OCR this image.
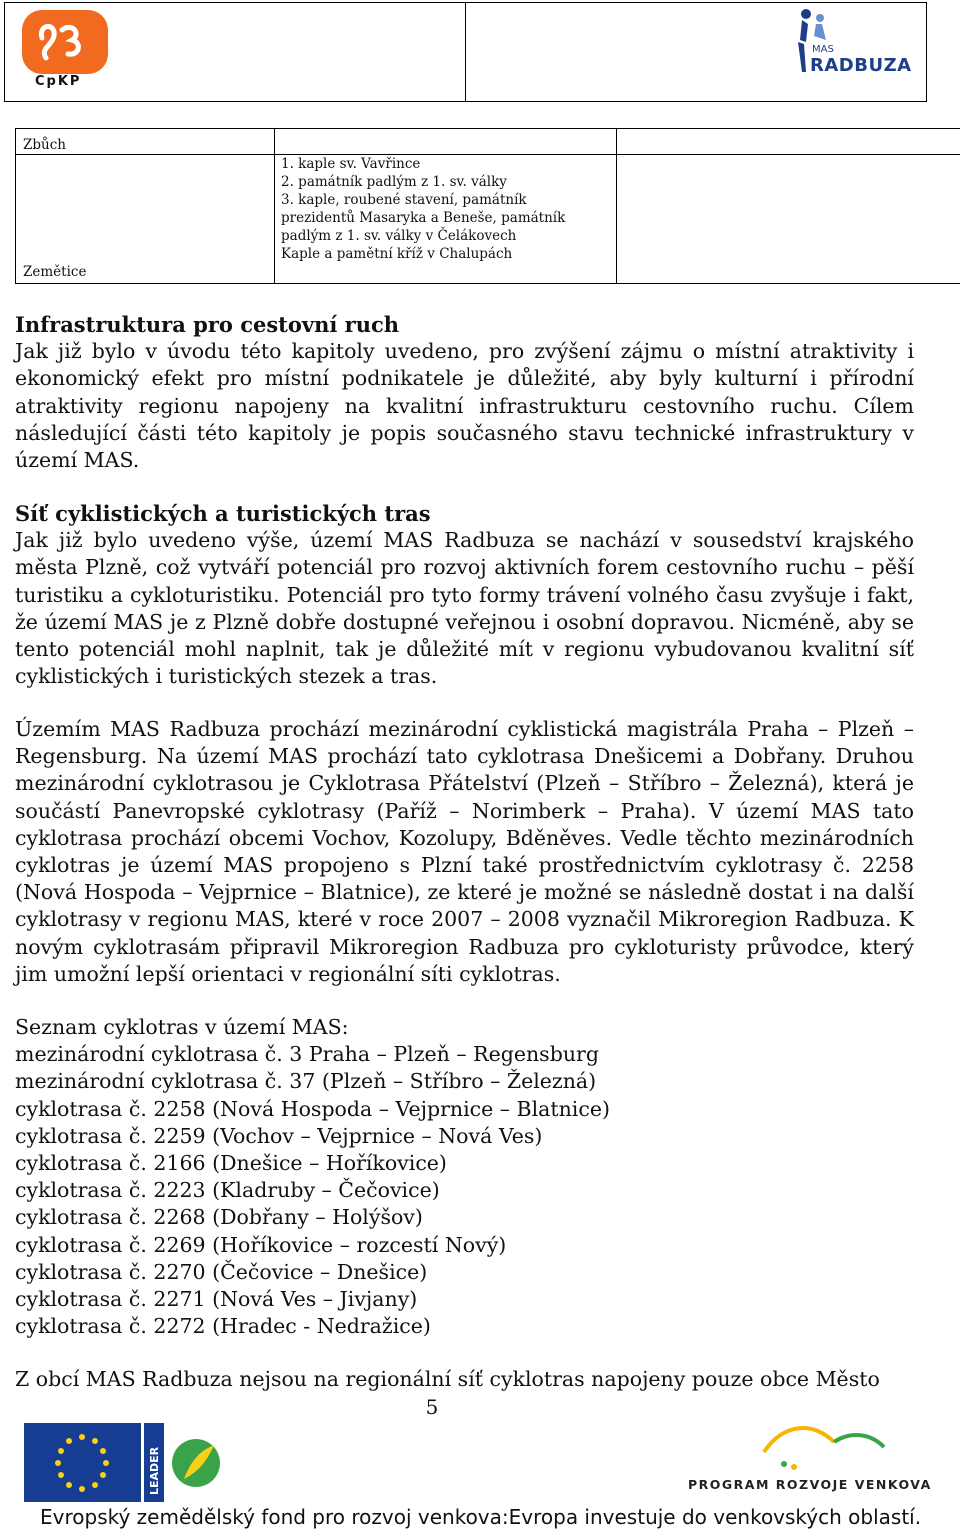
CpKP
MAS
RADBUZA
Zbůch
Zemětice
1. kaple sv. Vavřince
2. památník padlým z 1. sv. války
3. kaple, roubené stavení, památník
prezidentů Masaryka a Beneše, památník
padlým z 1. sv. války v Čelákovech
Kaple a pamětní kříž v Chalupách
Infrastruktura pro cestovní ruch

Jak již bylo v úvodu této kapitoly uvedeno, pro zvýšení zájmu o místní atraktivity i ekonomický efekt pro místní podnikatele je důležité, aby byly kulturní i přírodní atraktivity regionu napojeny na kvalitní infrastrukturu cestovního ruchu. Cílem následující části této kapitoly je popis současného stavu technické infrastruktury v území MAS.

Síť cyklistických a turistických tras

Jak již bylo uvedeno výše, území MAS Radbuza se nachází v sousedství krajského města Plzně, což vytváří potenciál pro rozvoj aktivních forem cestovního ruchu – pěší turistiku a cykloturistiku. Potenciál pro tyto formy trávení volného času zvyšuje i fakt, že území MAS je z Plzně dobře dostupné veřejnou i osobní dopravou. Nicméně, aby se tento potenciál mohl naplnit, tak je důležité mít v regionu vybudovanou kvalitní síť cyklistických i turistických stezek a tras.

Územím MAS Radbuza prochází mezinárodní cyklistická magistrála Praha – Plzeň – Regensburg. Na území MAS prochází tato cyklotrasa Dnešicemi a Dobřany. Druhou mezinárodní cyklotrasou je Cyklotrasa Přátelství (Plzeň – Stříbro – Železná), která je součástí Panevropské cyklotrasy (Paříž – Norimberk – Praha). V území MAS tato cyklotrasa prochází obcemi Vochov, Kozolupy, Bděněves. Vedle těchto mezinárodních cyklotras je území MAS propojeno s Plzní také prostřednictvím cyklotrasy č. 2258 (Nová Hospoda – Vejprnice – Blatnice), ze které je možné se následně dostat i na další cyklotrasy v regionu MAS, které v roce 2007 – 2008 vyznačil Mikroregion Radbuza. K novým cyklotrasám připravil Mikroregion Radbuza pro cykloturisty průvodce, který jim umožní lepší orientaci v regionální síti cyklotras.

Seznam cyklotras v území MAS:

mezinárodní cyklotrasa č. 3 Praha – Plzeň – Regensburg

mezinárodní cyklotrasa č. 37 (Plzeň – Stříbro – Železná)

cyklotrasa č. 2258 (Nová Hospoda – Vejprnice – Blatnice)

cyklotrasa č. 2259 (Vochov – Vejprnice – Nová Ves)

cyklotrasa č. 2166 (Dnešice – Hoříkovice)

cyklotrasa č. 2223 (Kladruby – Čečovice)

cyklotrasa č. 2268 (Dobřany – Holýšov)

cyklotrasa č. 2269 (Hoříkovice – rozcestí Nový)

cyklotrasa č. 2270 (Čečovice – Dnešice)

cyklotrasa č. 2271 (Nová Ves – Jivjany)

cyklotrasa č. 2272 (Hradec - Nedražice)

Z obcí MAS Radbuza nejsou na regionální síť cyklotras napojeny pouze obce Město

5
LEADER	PROGRAM ROZVOJE VENKOVA
Evropský zemědělský fond pro rozvoj venkova:Evropa investuje do venkovských oblastí.
